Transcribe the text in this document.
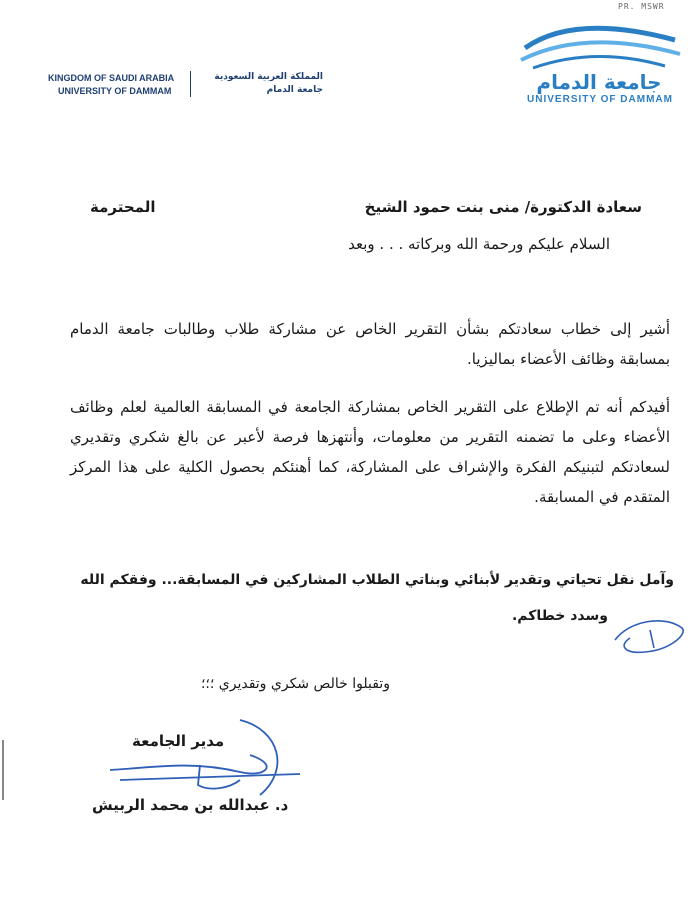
PR. MSWR
KINGDOM OF SAUDI ARABIA
UNIVERSITY OF DAMMAM
المملكة العربية السعودية
جامعة الدمام	جامعة الدمام
UNIVERSITY OF DAMMAM
سعادة الدكتورة/ منى بنت حمود الشيخ
المحترمة
السلام عليكم ورحمة الله وبركاته . . . وبعد
أشير إلى خطاب سعادتكم بشأن التقرير الخاص عن مشاركة طلاب وطالبات جامعة الدمام بمسابقة وظائف الأعضاء بماليزيا.
أفيدكم أنه تم الإطلاع على التقرير الخاص بمشاركة الجامعة في المسابقة العالمية لعلم وظائف الأعضاء وعلى ما تضمنه التقرير من معلومات، وأنتهزها فرصة لأعبر عن بالغ شكري وتقديري لسعادتكم لتبنيكم الفكرة والإشراف على المشاركة، كما أهنئكم بحصول الكلية على هذا المركز المتقدم في المسابقة.
وآمل نقل تحياتي وتقدير لأبنائي وبناتي الطلاب المشاركين في المسابقة... وفقكم الله
وسدد خطاكم.
وتقبلوا خالص شكري وتقديري ؛؛؛
مدير الجامعة
د. عبدالله بن محمد الربيش
